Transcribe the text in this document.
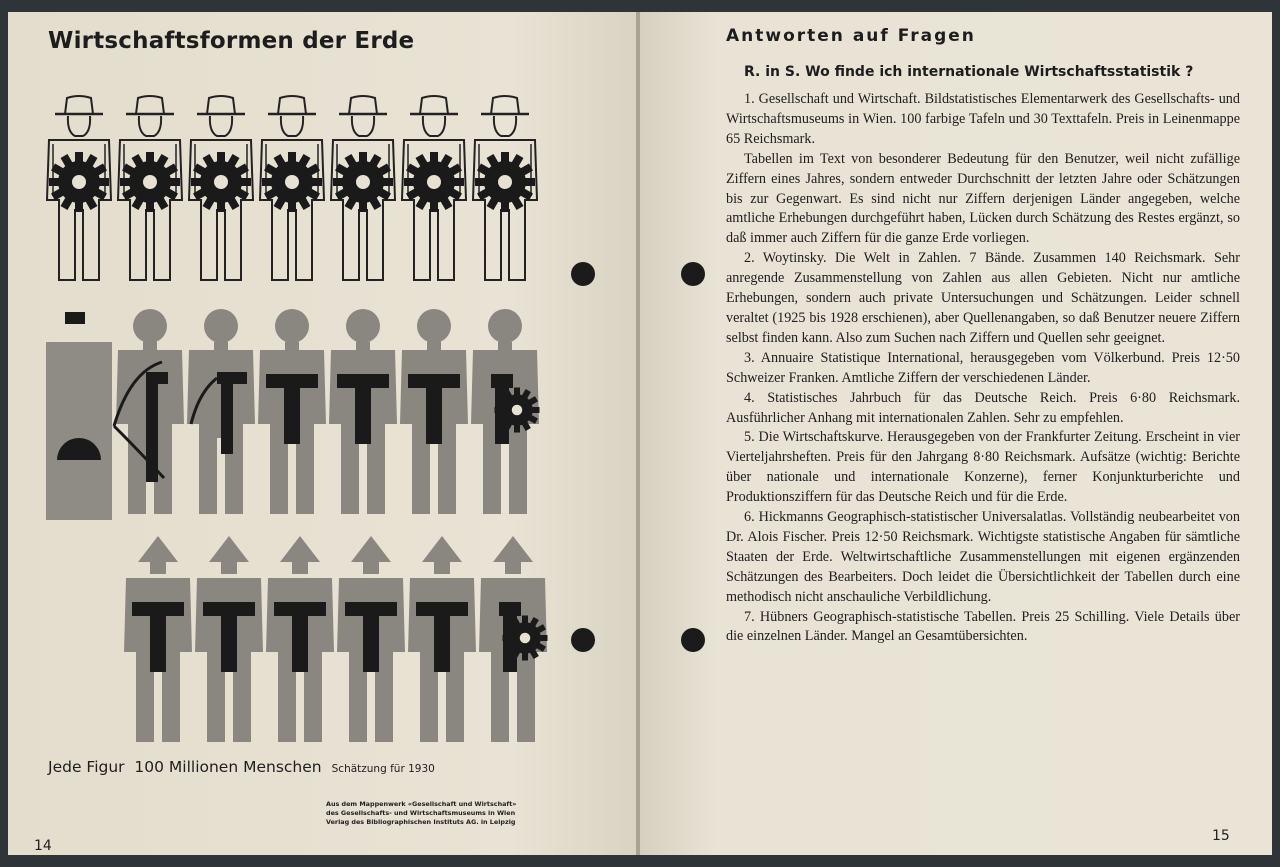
Wirtschaftsformen der Erde
Jede Figur  100 Millionen Menschen Schätzung für 1930
Aus dem Mappenwerk «Gesellschaft und Wirtschaft»
des Gesellschafts- und Wirtschaftsmuseums in Wien
Verlag des Bibliographischen Instituts AG. in Leipzig
14
Antworten auf Fragen

R. in S. Wo finde ich internationale Wirtschaftsstatistik ?

1. Gesellschaft und Wirtschaft. Bildstatistisches Elementarwerk des Gesellschafts- und Wirtschaftsmuseums in Wien. 100 farbige Tafeln und 30 Texttafeln. Preis in Leinenmappe 65 Reichsmark.

Tabellen im Text von besonderer Bedeutung für den Benutzer, weil nicht zufällige Ziffern eines Jahres, sondern entweder Durchschnitt der letzten Jahre oder Schätzungen bis zur Gegenwart. Es sind nicht nur Ziffern derjenigen Länder angegeben, welche amtliche Erhebungen durchgeführt haben, Lücken durch Schätzung des Restes ergänzt, so daß immer auch Ziffern für die ganze Erde vorliegen.

2. Woytinsky. Die Welt in Zahlen. 7 Bände. Zusammen 140 Reichsmark. Sehr anregende Zusammenstellung von Zahlen aus allen Gebieten. Nicht nur amtliche Erhebungen, sondern auch private Untersuchungen und Schätzungen. Leider schnell veraltet (1925 bis 1928 erschienen), aber Quellenangaben, so daß Benutzer neuere Ziffern selbst finden kann. Also zum Suchen nach Ziffern und Quellen sehr geeignet.

3. Annuaire Statistique International, herausgegeben vom Völkerbund. Preis 12·50 Schweizer Franken. Amtliche Ziffern der verschiedenen Länder.

4. Statistisches Jahrbuch für das Deutsche Reich. Preis 6·80 Reichsmark. Ausführlicher Anhang mit internationalen Zahlen. Sehr zu empfehlen.

5. Die Wirtschaftskurve. Herausgegeben von der Frankfurter Zeitung. Erscheint in vier Vierteljahrsheften. Preis für den Jahrgang 8·80 Reichsmark. Aufsätze (wichtig: Berichte über nationale und internationale Konzerne), ferner Konjunkturberichte und Produktionsziffern für das Deutsche Reich und für die Erde.

6. Hickmanns Geographisch-statistischer Universalatlas. Vollständig neubearbeitet von Dr. Alois Fischer. Preis 12·50 Reichsmark. Wichtigste statistische Angaben für sämtliche Staaten der Erde. Weltwirtschaftliche Zusammenstellungen mit eigenen ergänzenden Schätzungen des Bearbeiters. Doch leidet die Übersichtlichkeit der Tabellen durch eine methodisch nicht anschauliche Verbildlichung.

7. Hübners Geographisch-statistische Tabellen. Preis 25 Schilling. Viele Details über die einzelnen Länder. Mangel an Gesamtübersichten.

15
